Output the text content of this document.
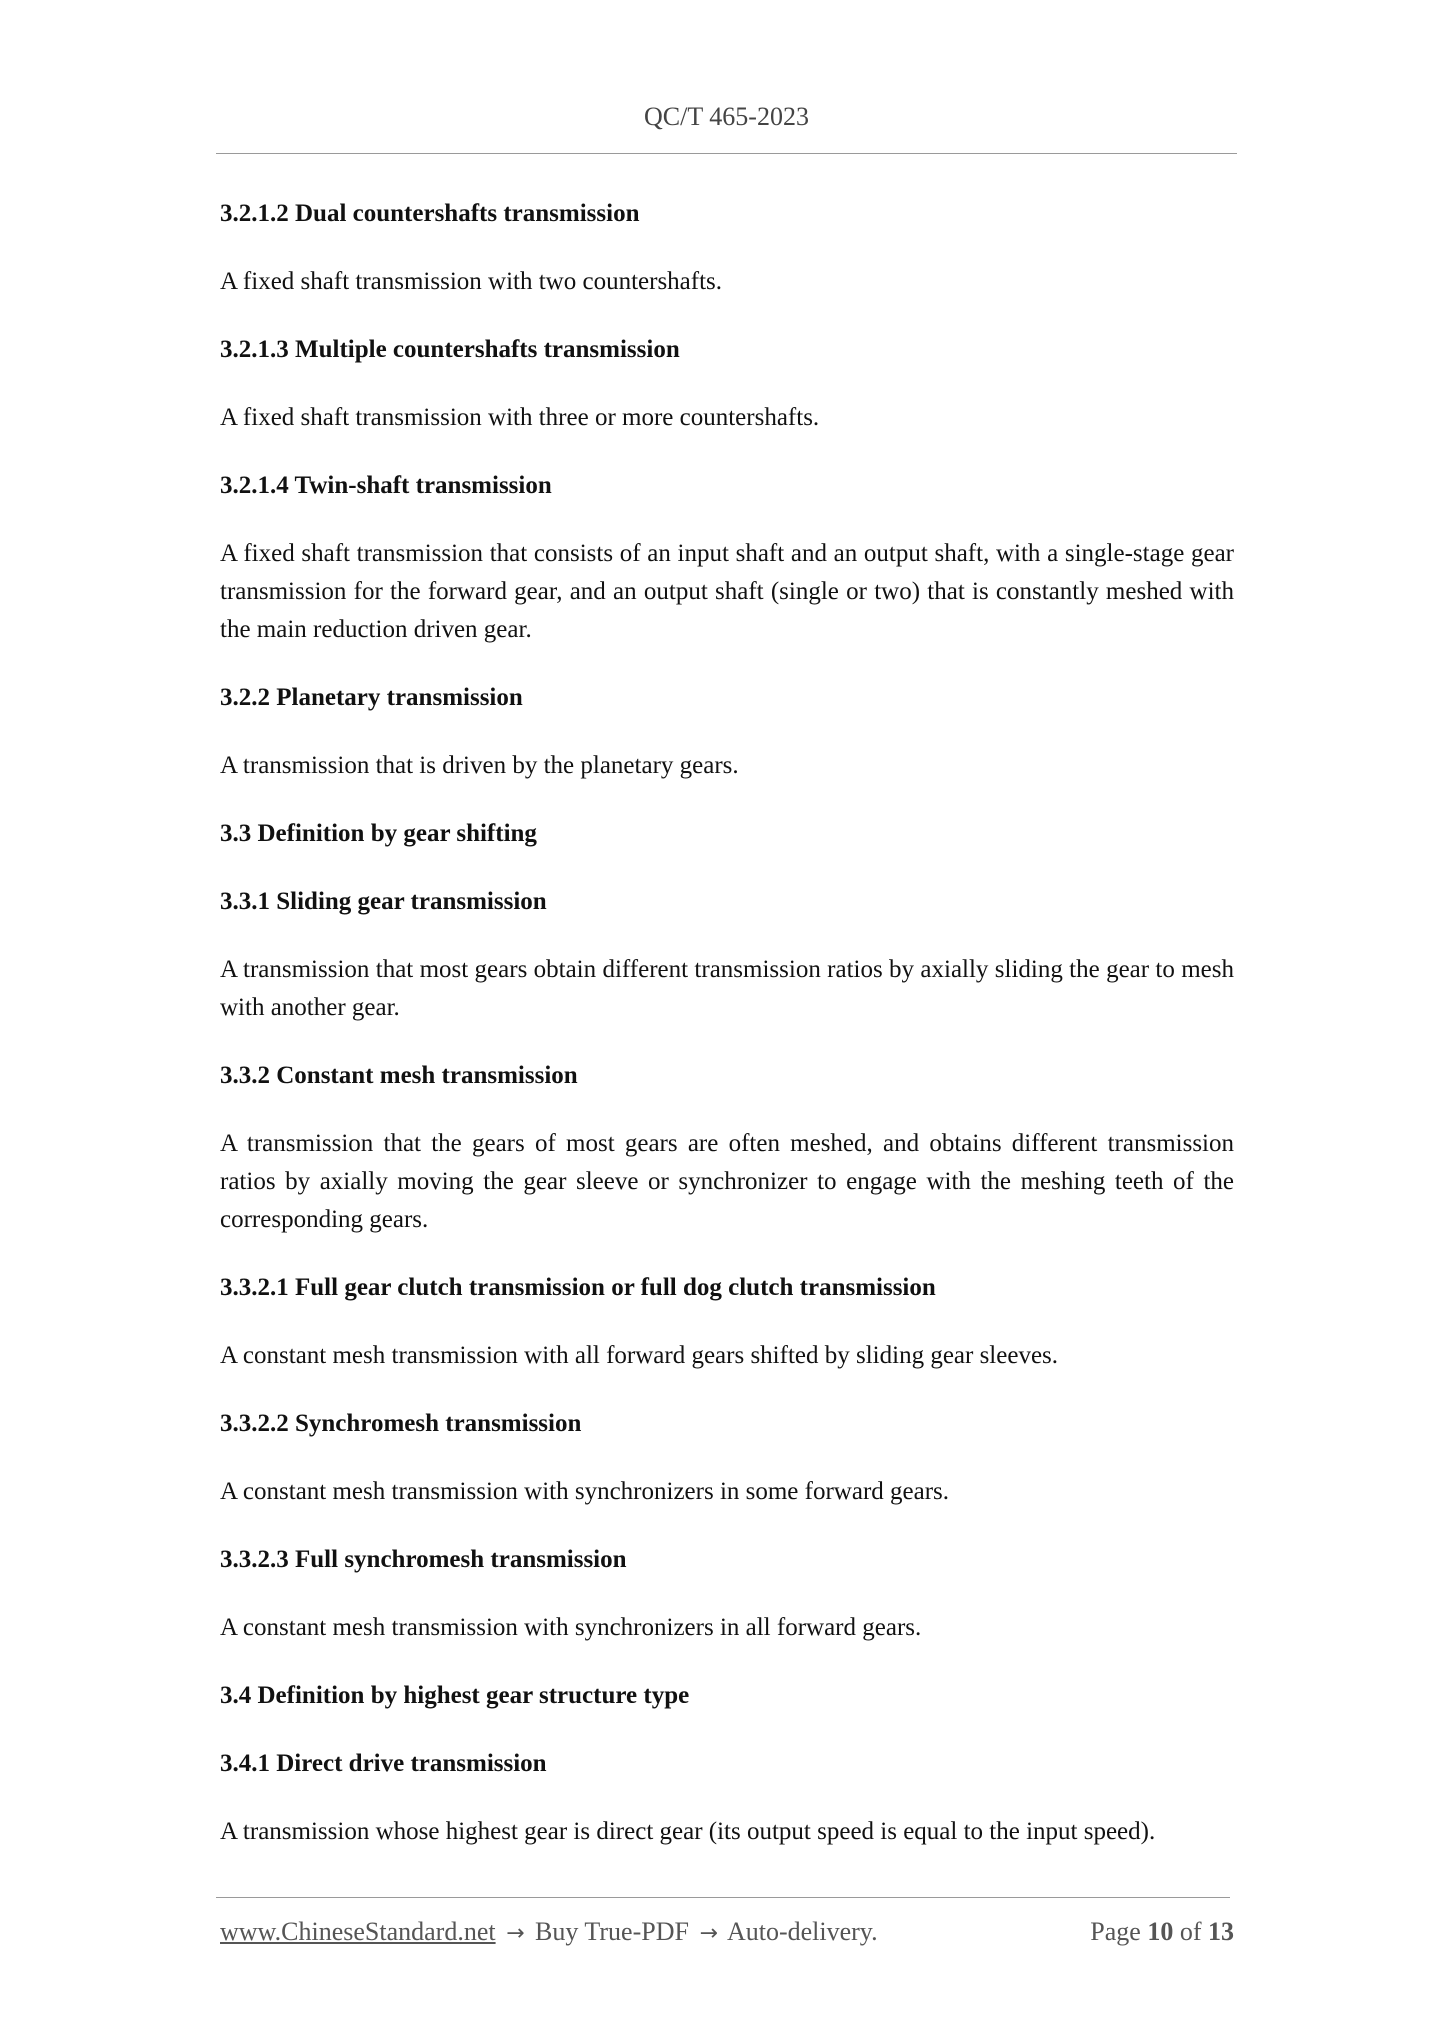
QC/T 465-2023
3.2.1.2 Dual countershafts transmission
A fixed shaft transmission with two countershafts.
3.2.1.3 Multiple countershafts transmission
A fixed shaft transmission with three or more countershafts.
3.2.1.4 Twin-shaft transmission
A fixed shaft transmission that consists of an input shaft and an output shaft, with a single-stage gear transmission for the forward gear, and an output shaft (single or two) that is constantly meshed with the main reduction driven gear.
3.2.2 Planetary transmission
A transmission that is driven by the planetary gears.
3.3 Definition by gear shifting
3.3.1 Sliding gear transmission
A transmission that most gears obtain different transmission ratios by axially sliding the gear to mesh with another gear.
3.3.2 Constant mesh transmission
A transmission that the gears of most gears are often meshed, and obtains different transmission ratios by axially moving the gear sleeve or synchronizer to engage with the meshing teeth of the corresponding gears.
3.3.2.1 Full gear clutch transmission or full dog clutch transmission
A constant mesh transmission with all forward gears shifted by sliding gear sleeves.
3.3.2.2 Synchromesh transmission
A constant mesh transmission with synchronizers in some forward gears.
3.3.2.3 Full synchromesh transmission
A constant mesh transmission with synchronizers in all forward gears.
3.4 Definition by highest gear structure type
3.4.1 Direct drive transmission
A transmission whose highest gear is direct gear (its output speed is equal to the input speed).
www.ChineseStandard.net → Buy True-PDF → Auto-delivery.	Page 10 of 13
